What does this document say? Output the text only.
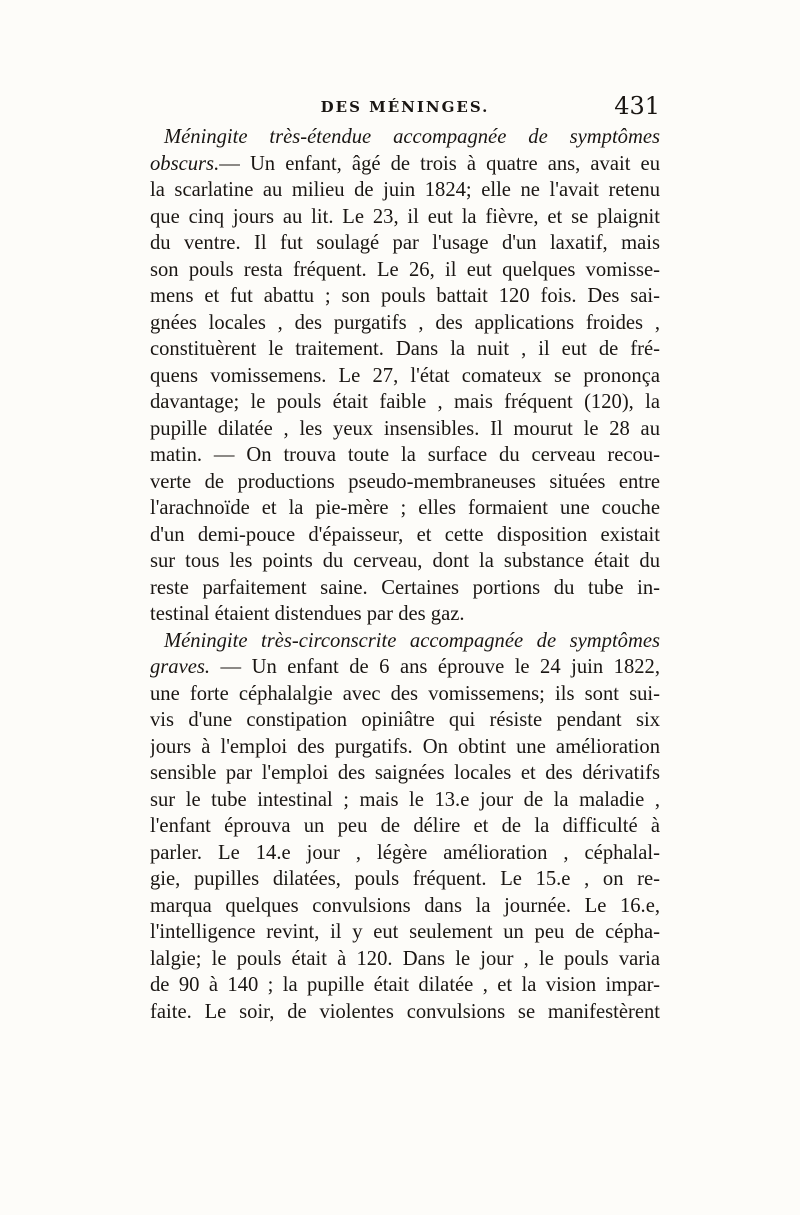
DES MÉNINGES.	431
Méningite très-étendue accompagnée de symptômes
obscurs.— Un enfant, âgé de trois à quatre ans, avait eu
la scarlatine au milieu de juin 1824; elle ne l'avait retenu
que cinq jours au lit. Le 23, il eut la fièvre, et se plaignit
du ventre. Il fut soulagé par l'usage d'un laxatif, mais
son pouls resta fréquent. Le 26, il eut quelques vomisse-
mens et fut abattu ; son pouls battait 120 fois. Des sai-
gnées locales , des purgatifs , des applications froides ,
constituèrent le traitement. Dans la nuit , il eut de fré-
quens vomissemens. Le 27, l'état comateux se prononça
davantage; le pouls était faible , mais fréquent (120), la
pupille dilatée , les yeux insensibles. Il mourut le 28 au
matin. — On trouva toute la surface du cerveau recou-
verte de productions pseudo-membraneuses situées entre
l'arachnoïde et la pie-mère ; elles formaient une couche
d'un demi-pouce d'épaisseur, et cette disposition existait
sur tous les points du cerveau, dont la substance était du
reste parfaitement saine. Certaines portions du tube in-
testinal étaient distendues par des gaz.
Méningite très-circonscrite accompagnée de symptômes
graves. — Un enfant de 6 ans éprouve le 24 juin 1822,
une forte céphalalgie avec des vomissemens; ils sont sui-
vis d'une constipation opiniâtre qui résiste pendant six
jours à l'emploi des purgatifs. On obtint une amélioration
sensible par l'emploi des saignées locales et des dérivatifs
sur le tube intestinal ; mais le 13.e jour de la maladie ,
l'enfant éprouva un peu de délire et de la difficulté à
parler. Le 14.e jour , légère amélioration , céphalal-
gie, pupilles dilatées, pouls fréquent. Le 15.e , on re-
marqua quelques convulsions dans la journée. Le 16.e,
l'intelligence revint, il y eut seulement un peu de cépha-
lalgie; le pouls était à 120. Dans le jour , le pouls varia
de 90 à 140 ; la pupille était dilatée , et la vision impar-
faite. Le soir, de violentes convulsions se manifestèrent
